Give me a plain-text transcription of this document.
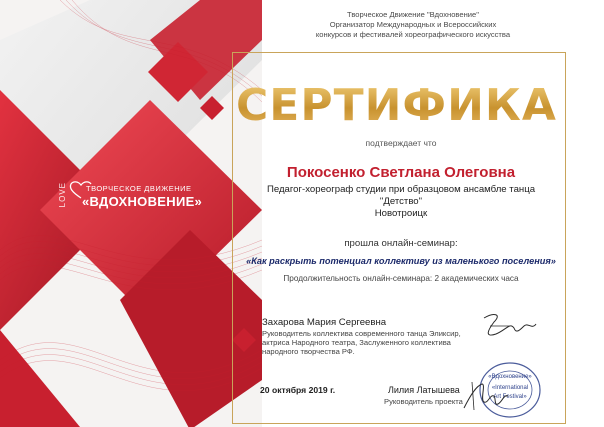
LOVE	ТВОРЧЕСКОЕ ДВИЖЕНИЕ
«ВДОХНОВЕНИЕ»
Творческое Движение "Вдохновение"
Организатор Международных и Всероссийских
конкурсов и фестивалей хореографического искусства
СЕРТИФИКАТ
подтверждает что
Покосенко Светлана Олеговна
Педагог-хореограф студии при образцовом ансамбле танца
"Детство"
Новотроицк
прошла онлайн-семинар:
«Как раскрыть потенциал коллективу из маленького поселения»
Продолжительность онлайн-семинара: 2 академических часа
Захарова Мария Сергеевна
Руководитель коллектива современного танца Эликсир,
актриса Народного театра, Заслуженного коллектива
народного творчества РФ.
20 октября 2019 г.	Лилия Латышева
Руководитель проекта
«Вдохновение»
«International
Art Festival»
